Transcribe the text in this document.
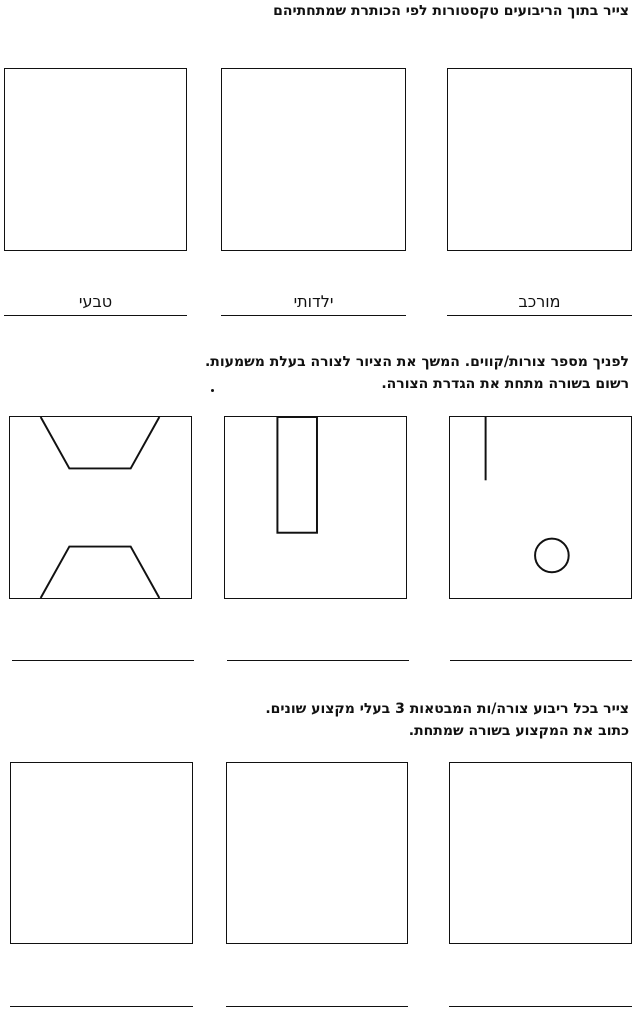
צייר בתוך הריבועים טקסטורות לפי הכותרת שמתחתיהם
מורכב
ילדותי
טבעי
לפניך מספר צורות/קווים. המשך את הציור לצורה בעלת משמעות.
רשום בשורה מתחת את הגדרת הצורה.
צייר בכל ריבוע צורה/ות המבטאות 3 בעלי מקצוע שונים.
כתוב את המקצוע בשורה שמתחת.
